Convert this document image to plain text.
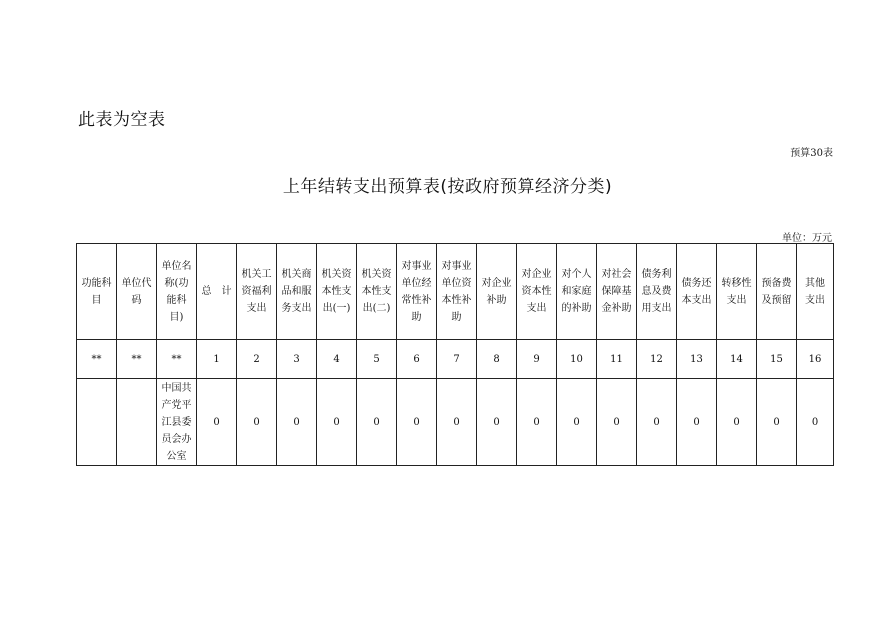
此表为空表
预算30表
上年结转支出预算表(按政府预算经济分类)
单位：万元
功能科目	单位代码	单位名称(功能科目)	总　计	机关工资福利支出	机关商品和服务支出	机关资本性支出(一)	机关资本性支出(二)	对事业单位经常性补助	对事业单位资本性补助	对企业补助	对企业资本性支出	对个人和家庭的补助	对社会保障基金补助	债务利息及费用支出	债务还本支出	转移性支出	预备费及预留	其他支出
**	**	**	1	2	3	4	5	6	7	8	9	10	11	12	13	14	15	16
		中国共产党平江县委员会办公室	0	0	0	0	0	0	0	0	0	0	0	0	0	0	0	0
